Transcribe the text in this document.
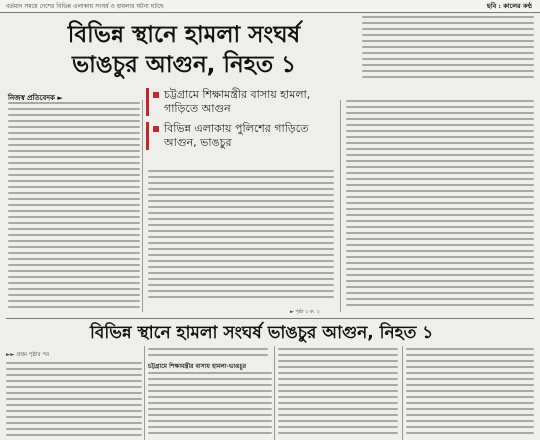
বর্তমান সময়ে দেশের বিভিন্ন এলাকায় সংঘর্ষ ও হামলার ঘটনা ঘটছে	ছবি : কালের কণ্ঠ
বিভিন্ন স্থানে হামলা সংঘর্ষ
ভাঙচুর আগুন, নিহত ১
নিজস্ব প্রতিবেদক ►	চট্টগ্রামে শিক্ষামন্ত্রীর বাসায় হামলা, গাড়িতে আগুন
বিভিন্ন এলাকায় পুলিশের গাড়িতে আগুন, ভাঙচুর
► পৃষ্ঠা ২ ক. ২
বিভিন্ন স্থানে হামলা সংঘর্ষ ভাঙচুর আগুন, নিহত ১
►► প্রথম পৃষ্ঠার পর
চট্টগ্রামে শিক্ষামন্ত্রীর বাসায় হামলা-ভাঙচুর
